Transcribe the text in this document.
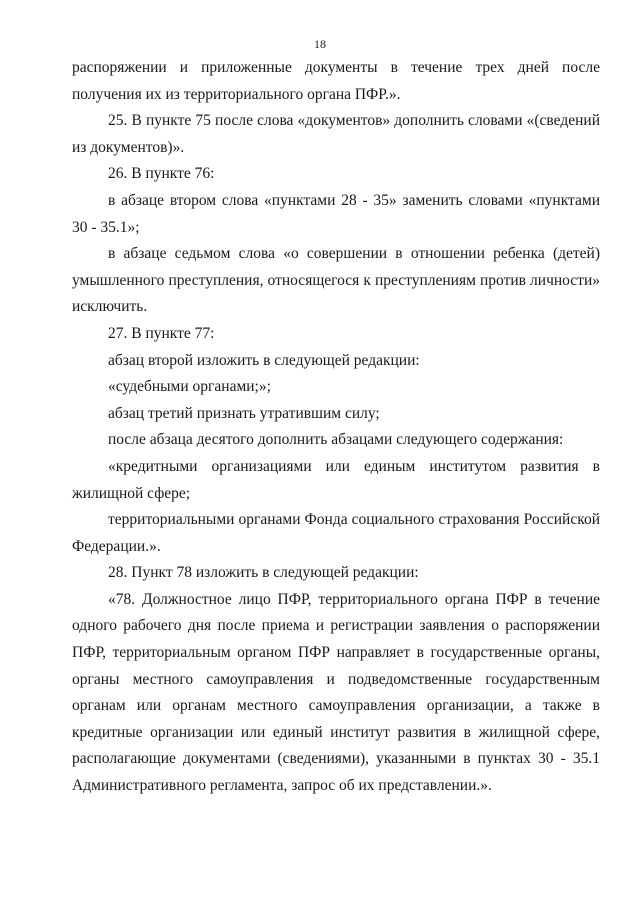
18

распоряжении и приложенные документы в течение трех дней после получения их из территориального органа ПФР.».

25. В пункте 75 после слова «документов» дополнить словами «(сведений из документов)».

26. В пункте 76:

в абзаце втором слова «пунктами 28 - 35» заменить словами «пунктами 30 - 35.1»;

в абзаце седьмом слова «о совершении в отношении ребенка (детей) умышленного преступления, относящегося к преступлениям против личности» исключить.

27. В пункте 77:

абзац второй изложить в следующей редакции:

«судебными органами;»;

абзац третий признать утратившим силу;

после абзаца десятого дополнить абзацами следующего содержания:

«кредитными организациями или единым институтом развития в жилищной сфере;

территориальными органами Фонда социального страхования Российской Федерации.».

28. Пункт 78 изложить в следующей редакции:

«78. Должностное лицо ПФР, территориального органа ПФР в течение одного рабочего дня после приема и регистрации заявления о распоряжении ПФР, территориальным органом ПФР направляет в государственные органы, органы местного самоуправления и подведомственные государственным органам или органам местного самоуправления организации, а также в кредитные организации или единый институт развития в жилищной сфере, располагающие документами (сведениями), указанными в пунктах 30 - 35.1 Административного регламента, запрос об их представлении.».
